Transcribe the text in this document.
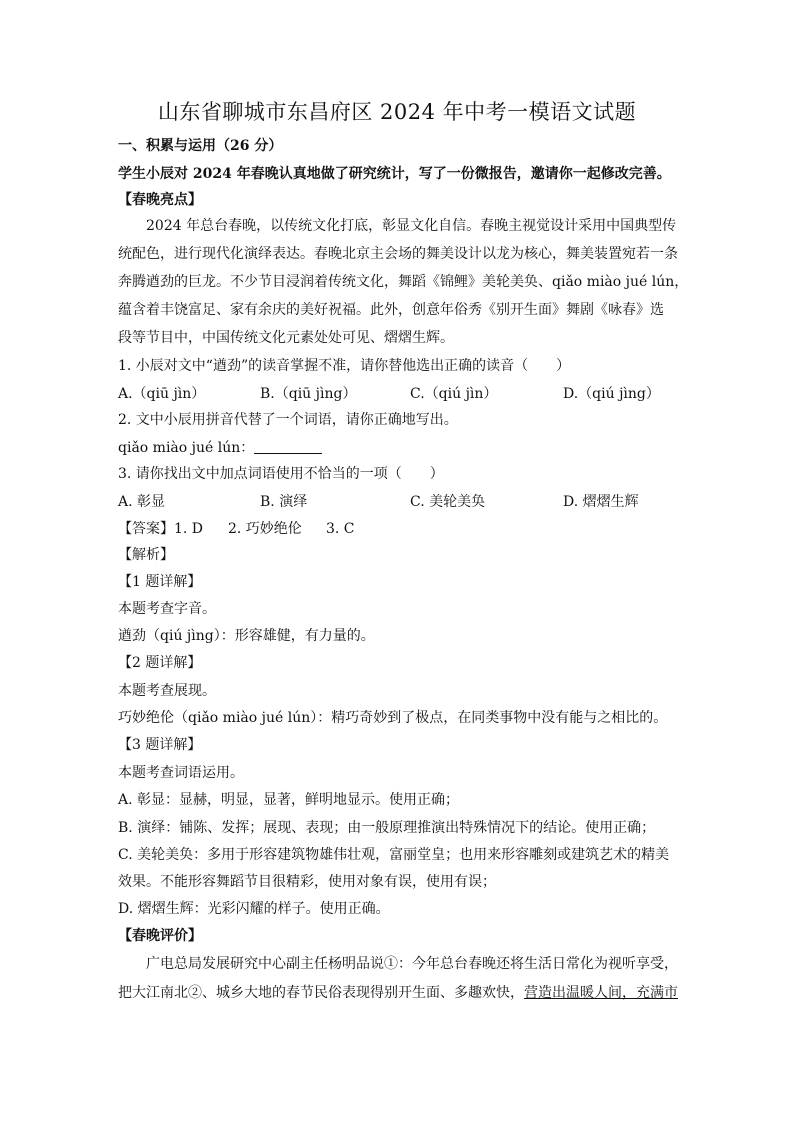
山东省聊城市东昌府区 2024 年中考一模语文试题
一、积累与运用（26 分）
学生小辰对 2024 年春晚认真地做了研究统计，写了一份微报告，邀请你一起修改完善。
【春晚亮点】
2024 年总台春晚，以传统文化打底，彰显文化自信。春晚主视觉设计采用中国典型传
统配色，进行现代化演绎表达。春晚北京主会场的舞美设计以龙为核心，舞美装置宛若一条
奔腾遒劲的巨龙。不少节目浸润着传统文化，舞蹈《锦鲤》美轮美奂、qiǎo miào jué lún，
蕴含着丰饶富足、家有余庆的美好祝福。此外，创意年俗秀《别开生面》舞剧《咏春》选
段等节目中，中国传统文化元素处处可见、熠熠生辉。
1. 小辰对文中“遒劲”的读音掌握不准，请你替他选出正确的读音（　　）
A.（qiū jìn）	B.（qiū jìng）	C.（qiú jìn）	D.（qiú jìng）
2. 文中小辰用拼音代替了一个词语，请你正确地写出。
qiǎo miào jué lún：
3. 请你找出文中加点词语使用不恰当的一项（　　）
A. 彰显	B. 演绎	C. 美轮美奂	D. 熠熠生辉
【答案】 1. D 2. 巧妙绝伦 3. C
【解析】
【1 题详解】
本题考查字音。
遒劲（qiú jìng）：形容雄健，有力量的。
【2 题详解】
本题考查展现。
巧妙绝伦（qiǎo miào jué lún）：精巧奇妙到了极点，在同类事物中没有能与之相比的。
【3 题详解】
本题考查词语运用。
A. 彰显：显赫，明显，显著，鲜明地显示。使用正确；
B. 演绎：铺陈、发挥；展现、表现；由一般原理推演出特殊情况下的结论。使用正确；
C. 美轮美奂：多用于形容建筑物雄伟壮观，富丽堂皇；也用来形容雕刻或建筑艺术的精美
效果。不能形容舞蹈节目很精彩，使用对象有误，使用有误；
D. 熠熠生辉：光彩闪耀的样子。使用正确。
【春晚评价】
广电总局发展研究中心副主任杨明品说①：今年总台春晚还将生活日常化为视听享受，
把大江南北②、城乡大地的春节民俗表现得别开生面、多趣欢快，营造出温暖人间，充满市
